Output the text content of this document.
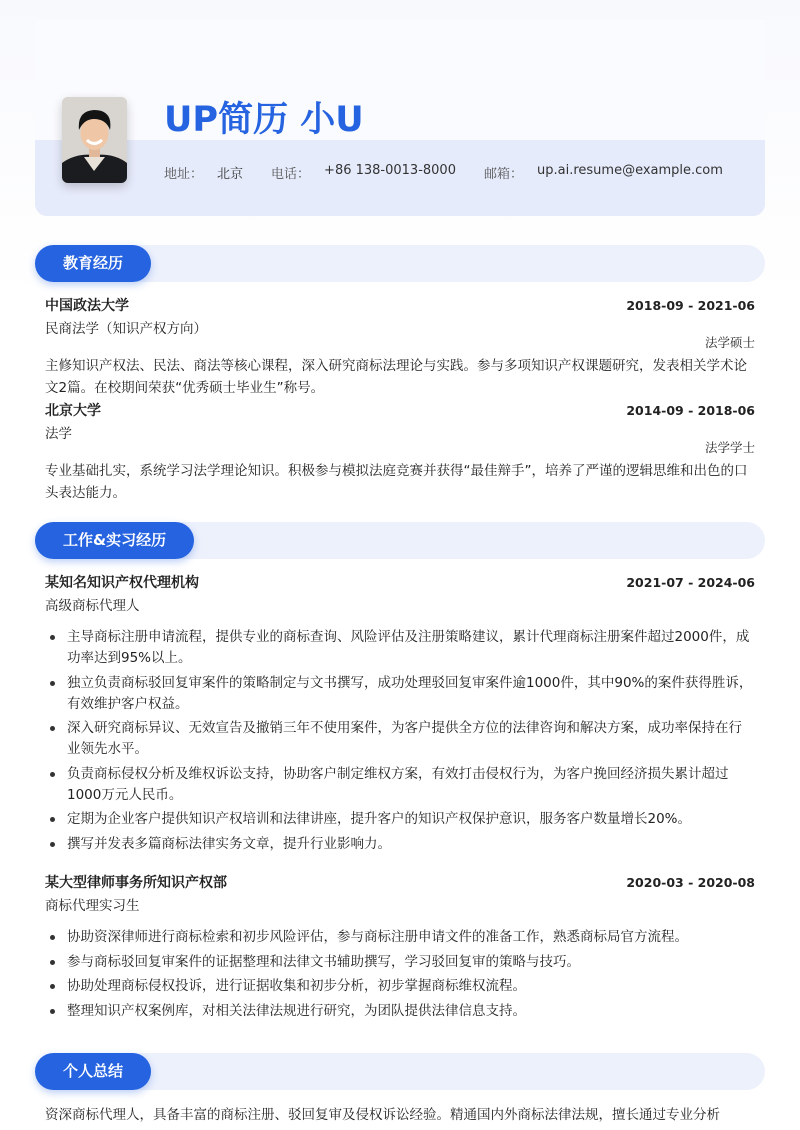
UP简历 小U
地址： 北京 电话： +86 138-0013-8000 邮箱： up.ai.resume@example.com
教育经历
中国政法大学	2018-09 - 2021-06
民商法学（知识产权方向）
法学硕士
主修知识产权法、民法、商法等核心课程，深入研究商标法理论与实践。参与多项知识产权课题研究，发表相关学术论文2篇。在校期间荣获“优秀硕士毕业生”称号。
北京大学	2014-09 - 2018-06
法学
法学学士
专业基础扎实，系统学习法学理论知识。积极参与模拟法庭竞赛并获得“最佳辩手”，培养了严谨的逻辑思维和出色的口头表达能力。
工作&实习经历
某知名知识产权代理机构	2021-07 - 2024-06
高级商标代理人
主导商标注册申请流程，提供专业的商标查询、风险评估及注册策略建议，累计代理商标注册案件超过2000件，成功率达到95%以上。
独立负责商标驳回复审案件的策略制定与文书撰写，成功处理驳回复审案件逾1000件，其中90%的案件获得胜诉，有效维护客户权益。
深入研究商标异议、无效宣告及撤销三年不使用案件，为客户提供全方位的法律咨询和解决方案，成功率保持在行业领先水平。
负责商标侵权分析及维权诉讼支持，协助客户制定维权方案，有效打击侵权行为，为客户挽回经济损失累计超过1000万元人民币。
定期为企业客户提供知识产权培训和法律讲座，提升客户的知识产权保护意识，服务客户数量增长20%。
撰写并发表多篇商标法律实务文章，提升行业影响力。
某大型律师事务所知识产权部	2020-03 - 2020-08
商标代理实习生
协助资深律师进行商标检索和初步风险评估，参与商标注册申请文件的准备工作，熟悉商标局官方流程。
参与商标驳回复审案件的证据整理和法律文书辅助撰写，学习驳回复审的策略与技巧。
协助处理商标侵权投诉，进行证据收集和初步分析，初步掌握商标维权流程。
整理知识产权案例库，对相关法律法规进行研究，为团队提供法律信息支持。
个人总结
资深商标代理人，具备丰富的商标注册、驳回复审及侵权诉讼经验。精通国内外商标法律法规，擅长通过专业分析
